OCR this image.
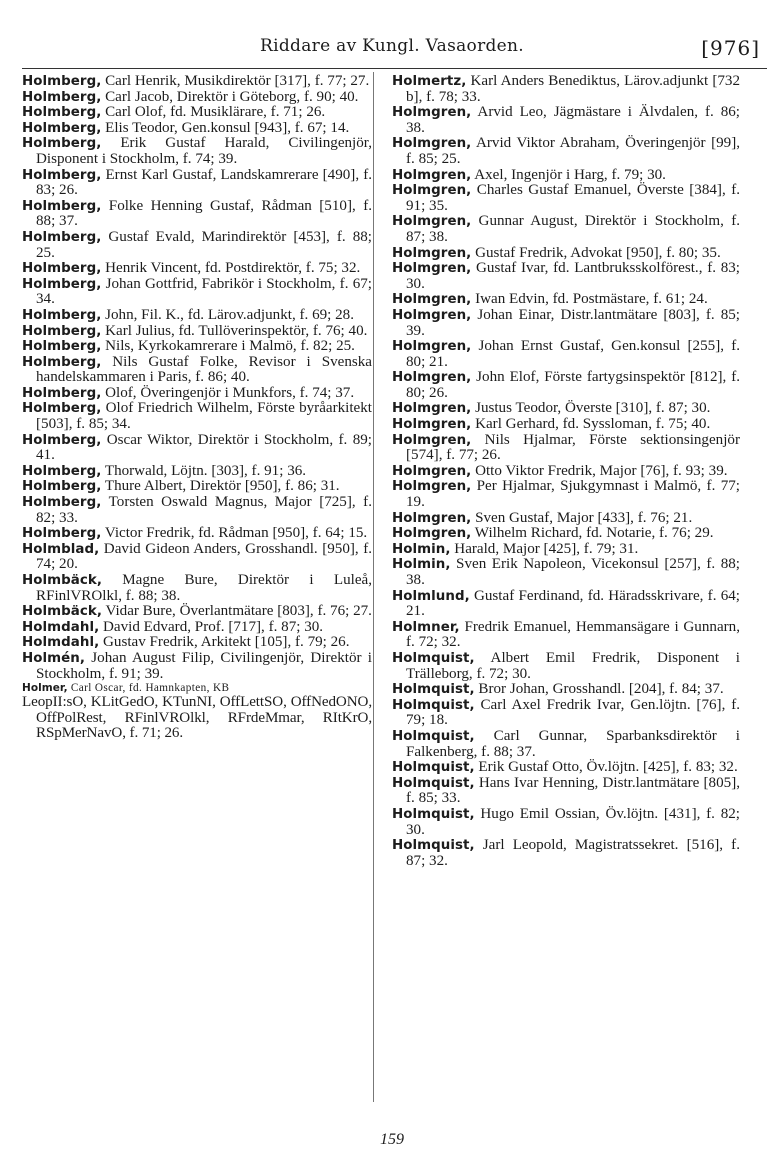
Riddare av Kungl. Vasaorden.	[976]

Holmberg, Carl Henrik, Musikdirektör [317], f. 77; 27.

Holmberg, Carl Jacob, Direktör i Göteborg, f. 90; 40.

Holmberg, Carl Olof, fd. Musiklärare, f. 71; 26.

Holmberg, Elis Teodor, Gen.konsul [943], f. 67; 14.

Holmberg, Erik Gustaf Harald, Civilingenjör, Disponent i Stockholm, f. 74; 39.

Holmberg, Ernst Karl Gustaf, Landskamrerare [490], f. 83; 26.

Holmberg, Folke Henning Gustaf, Rådman [510], f. 88; 37.

Holmberg, Gustaf Evald, Marindirektör [453], f. 88; 25.

Holmberg, Henrik Vincent, fd. Postdirektör, f. 75; 32.

Holmberg, Johan Gottfrid, Fabrikör i Stockholm, f. 67; 34.

Holmberg, John, Fil. K., fd. Lärov.adjunkt, f. 69; 28.

Holmberg, Karl Julius, fd. Tullöverinspektör, f. 76; 40.

Holmberg, Nils, Kyrkokamrerare i Malmö, f. 82; 25.

Holmberg, Nils Gustaf Folke, Revisor i Svenska handelskammaren i Paris, f. 86; 40.

Holmberg, Olof, Överingenjör i Munkfors, f. 74; 37.

Holmberg, Olof Friedrich Wilhelm, Förste byråarkitekt [503], f. 85; 34.

Holmberg, Oscar Wiktor, Direktör i Stockholm, f. 89; 41.

Holmberg, Thorwald, Löjtn. [303], f. 91; 36.

Holmberg, Thure Albert, Direktör [950], f. 86; 31.

Holmberg, Torsten Oswald Magnus, Major [725], f. 82; 33.

Holmberg, Victor Fredrik, fd. Rådman [950], f. 64; 15.

Holmblad, David Gideon Anders, Grosshandl. [950], f. 74; 20.

Holmbäck, Magne Bure, Direktör i Luleå, RFinlVROlkl, f. 88; 38.

Holmbäck, Vidar Bure, Överlantmätare [803], f. 76; 27.

Holmdahl, David Edvard, Prof. [717], f. 87; 30.

Holmdahl, Gustav Fredrik, Arkitekt [105], f. 79; 26.

Holmén, Johan August Filip, Civilingenjör, Direktör i Stockholm, f. 91; 39.

Holmer, Carl Oscar, fd. Hamnkapten, KB

LeopII:sO, KLitGedO, KTunNI, OffLettSO, OffNedONO, OffPolRest, RFinlVROlkl, RFrdeMmar, RItKrO, RSpMerNavO, f. 71; 26.

Holmertz, Karl Anders Benediktus, Lärov.adjunkt [732 b], f. 78; 33.

Holmgren, Arvid Leo, Jägmästare i Älvdalen, f. 86; 38.

Holmgren, Arvid Viktor Abraham, Överingenjör [99], f. 85; 25.

Holmgren, Axel, Ingenjör i Harg, f. 79; 30.

Holmgren, Charles Gustaf Emanuel, Överste [384], f. 91; 35.

Holmgren, Gunnar August, Direktör i Stockholm, f. 87; 38.

Holmgren, Gustaf Fredrik, Advokat [950], f. 80; 35.

Holmgren, Gustaf Ivar, fd. Lantbruksskolförest., f. 83; 30.

Holmgren, Iwan Edvin, fd. Postmästare, f. 61; 24.

Holmgren, Johan Einar, Distr.lantmätare [803], f. 85; 39.

Holmgren, Johan Ernst Gustaf, Gen.konsul [255], f. 80; 21.

Holmgren, John Elof, Förste fartygsinspektör [812], f. 80; 26.

Holmgren, Justus Teodor, Överste [310], f. 87; 30.

Holmgren, Karl Gerhard, fd. Syssloman, f. 75; 40.

Holmgren, Nils Hjalmar, Förste sektionsingenjör [574], f. 77; 26.

Holmgren, Otto Viktor Fredrik, Major [76], f. 93; 39.

Holmgren, Per Hjalmar, Sjukgymnast i Malmö, f. 77; 19.

Holmgren, Sven Gustaf, Major [433], f. 76; 21.

Holmgren, Wilhelm Richard, fd. Notarie, f. 76; 29.

Holmin, Harald, Major [425], f. 79; 31.

Holmin, Sven Erik Napoleon, Vicekonsul [257], f. 88; 38.

Holmlund, Gustaf Ferdinand, fd. Häradsskrivare, f. 64; 21.

Holmner, Fredrik Emanuel, Hemmansägare i Gunnarn, f. 72; 32.

Holmquist, Albert Emil Fredrik, Disponent i Trälleborg, f. 72; 30.

Holmquist, Bror Johan, Grosshandl. [204], f. 84; 37.

Holmquist, Carl Axel Fredrik Ivar, Gen.löjtn. [76], f. 79; 18.

Holmquist, Carl Gunnar, Sparbanksdirektör i Falkenberg, f. 88; 37.

Holmquist, Erik Gustaf Otto, Öv.löjtn. [425], f. 83; 32.

Holmquist, Hans Ivar Henning, Distr.lantmätare [805], f. 85; 33.

Holmquist, Hugo Emil Ossian, Öv.löjtn. [431], f. 82; 30.

Holmquist, Jarl Leopold, Magistratssekret. [516], f. 87; 32.

159
